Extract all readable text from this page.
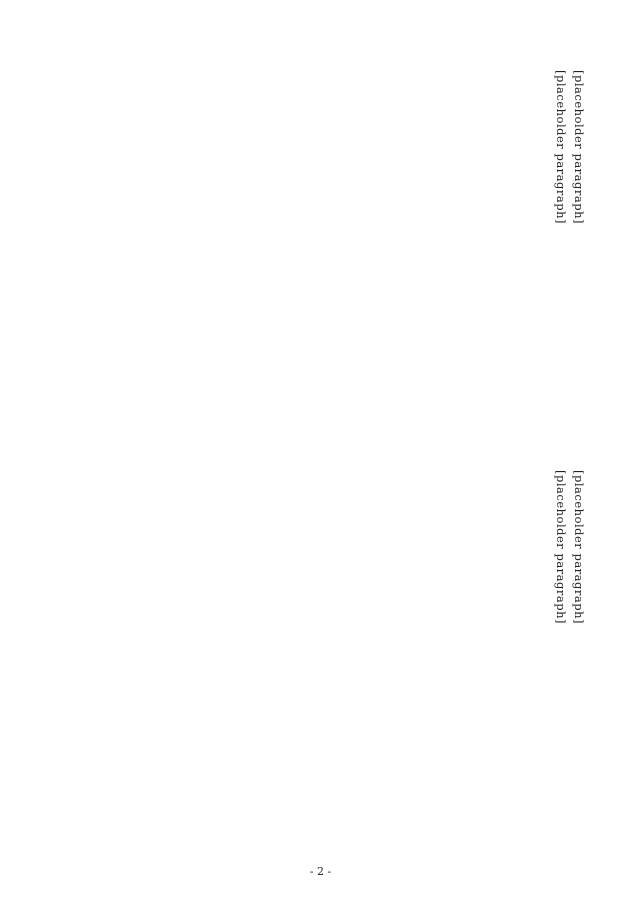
[placeholder paragraph]

[placeholder paragraph]

[placeholder paragraph]

[placeholder paragraph]

- 2 -
